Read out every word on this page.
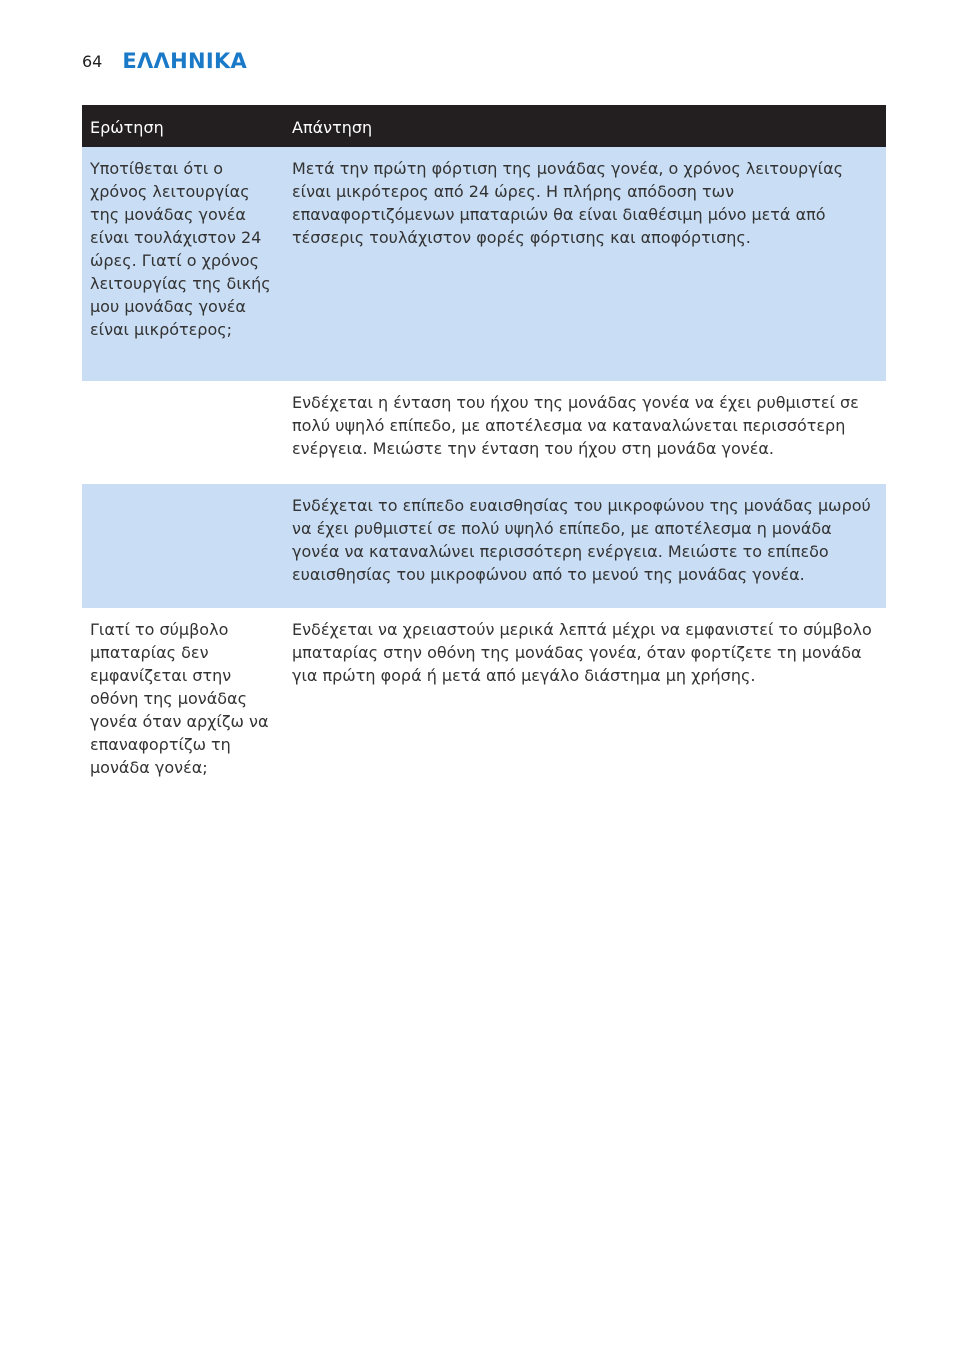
64 ΕΛΛΗΝΙΚΑ
Ερώτηση	Απάντηση
Υποτίθεται ότι ο χρόνος λειτουργίας της μονάδας γονέα είναι τουλάχιστον 24 ώρες. Γιατί ο χρόνος λειτουργίας της δικής μου μονάδας γονέα είναι μικρότερος;
Μετά την πρώτη φόρτιση της μονάδας γονέα, ο χρόνος λειτουργίας είναι μικρότερος από 24 ώρες. Η πλήρης απόδοση των επαναφορτιζόμενων μπαταριών θα είναι διαθέσιμη μόνο μετά από τέσσερις τουλάχιστον φορές φόρτισης και αποφόρτισης.
Ενδέχεται η ένταση του ήχου της μονάδας γονέα να έχει ρυθμιστεί σε πολύ υψηλό επίπεδο, με αποτέλεσμα να καταναλώνεται περισσότερη ενέργεια. Μειώστε την ένταση του ήχου στη μονάδα γονέα.
Ενδέχεται το επίπεδο ευαισθησίας του μικροφώνου της μονάδας μωρού να έχει ρυθμιστεί σε πολύ υψηλό επίπεδο, με αποτέλεσμα η μονάδα γονέα να καταναλώνει περισσότερη ενέργεια. Μειώστε το επίπεδο ευαισθησίας του μικροφώνου από το μενού της μονάδας γονέα.
Γιατί το σύμβολο μπαταρίας δεν εμφανίζεται στην οθόνη της μονάδας γονέα όταν αρχίζω να επαναφορτίζω τη μονάδα γονέα;
Ενδέχεται να χρειαστούν μερικά λεπτά μέχρι να εμφανιστεί το σύμβολο μπαταρίας στην οθόνη της μονάδας γονέα, όταν φορτίζετε τη μονάδα για πρώτη φορά ή μετά από μεγάλο διάστημα μη χρήσης.
